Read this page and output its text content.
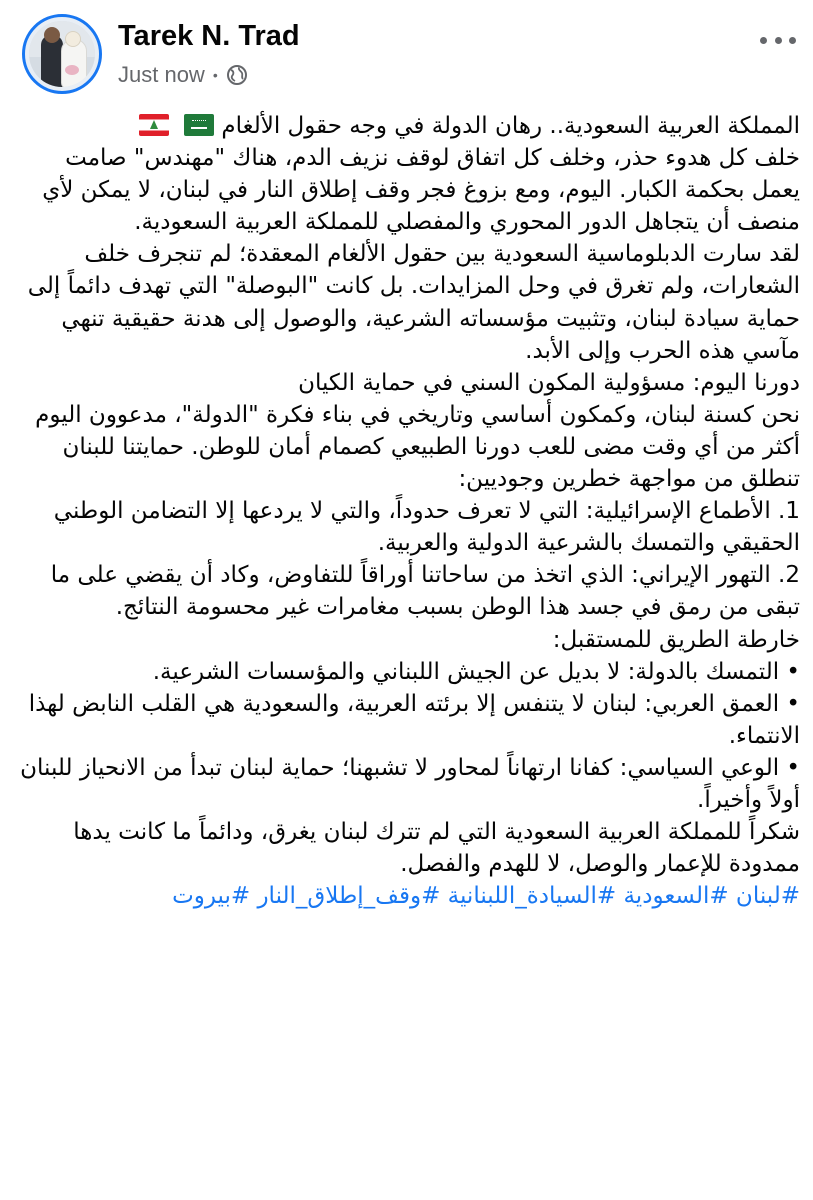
Tarek N. Trad
Just now •

المملكة العربية السعودية.. رهان الدولة في وجه حقول الألغام

خلف كل هدوء حذر، وخلف كل اتفاق لوقف نزيف الدم، هناك "مهندس" صامت يعمل بحكمة الكبار. اليوم، ومع بزوغ فجر وقف إطلاق النار في لبنان، لا يمكن لأي منصف أن يتجاهل الدور المحوري والمفصلي للمملكة العربية السعودية.

لقد سارت الدبلوماسية السعودية بين حقول الألغام المعقدة؛ لم تنجرف خلف الشعارات، ولم تغرق في وحل المزايدات. بل كانت "البوصلة" التي تهدف دائماً إلى حماية سيادة لبنان، وتثبيت مؤسساته الشرعية، والوصول إلى هدنة حقيقية تنهي مآسي هذه الحرب وإلى الأبد.

دورنا اليوم: مسؤولية المكون السني في حماية الكيان

نحن كسنة لبنان، وكمكون أساسي وتاريخي في بناء فكرة "الدولة"، مدعوون اليوم أكثر من أي وقت مضى للعب دورنا الطبيعي كصمام أمان للوطن. حمايتنا للبنان تنطلق من مواجهة خطرين وجوديين:

1. الأطماع الإسرائيلية: التي لا تعرف حدوداً، والتي لا يردعها إلا التضامن الوطني الحقيقي والتمسك بالشرعية الدولية والعربية.

2. التهور الإيراني: الذي اتخذ من ساحاتنا أوراقاً للتفاوض، وكاد أن يقضي على ما تبقى من رمق في جسد هذا الوطن بسبب مغامرات غير محسومة النتائج.

خارطة الطريق للمستقبل:

• التمسك بالدولة: لا بديل عن الجيش اللبناني والمؤسسات الشرعية.

• العمق العربي: لبنان لا يتنفس إلا برئته العربية، والسعودية هي القلب النابض لهذا الانتماء.

• الوعي السياسي: كفانا ارتهاناً لمحاور لا تشبهنا؛ حماية لبنان تبدأ من الانحياز للبنان أولاً وأخيراً.

شكراً للمملكة العربية السعودية التي لم تترك لبنان يغرق، ودائماً ما كانت يدها ممدودة للإعمار والوصل، لا للهدم والفصل.

#لبنان #السعودية #السيادة_اللبنانية #وقف_إطلاق_النار #بيروت
